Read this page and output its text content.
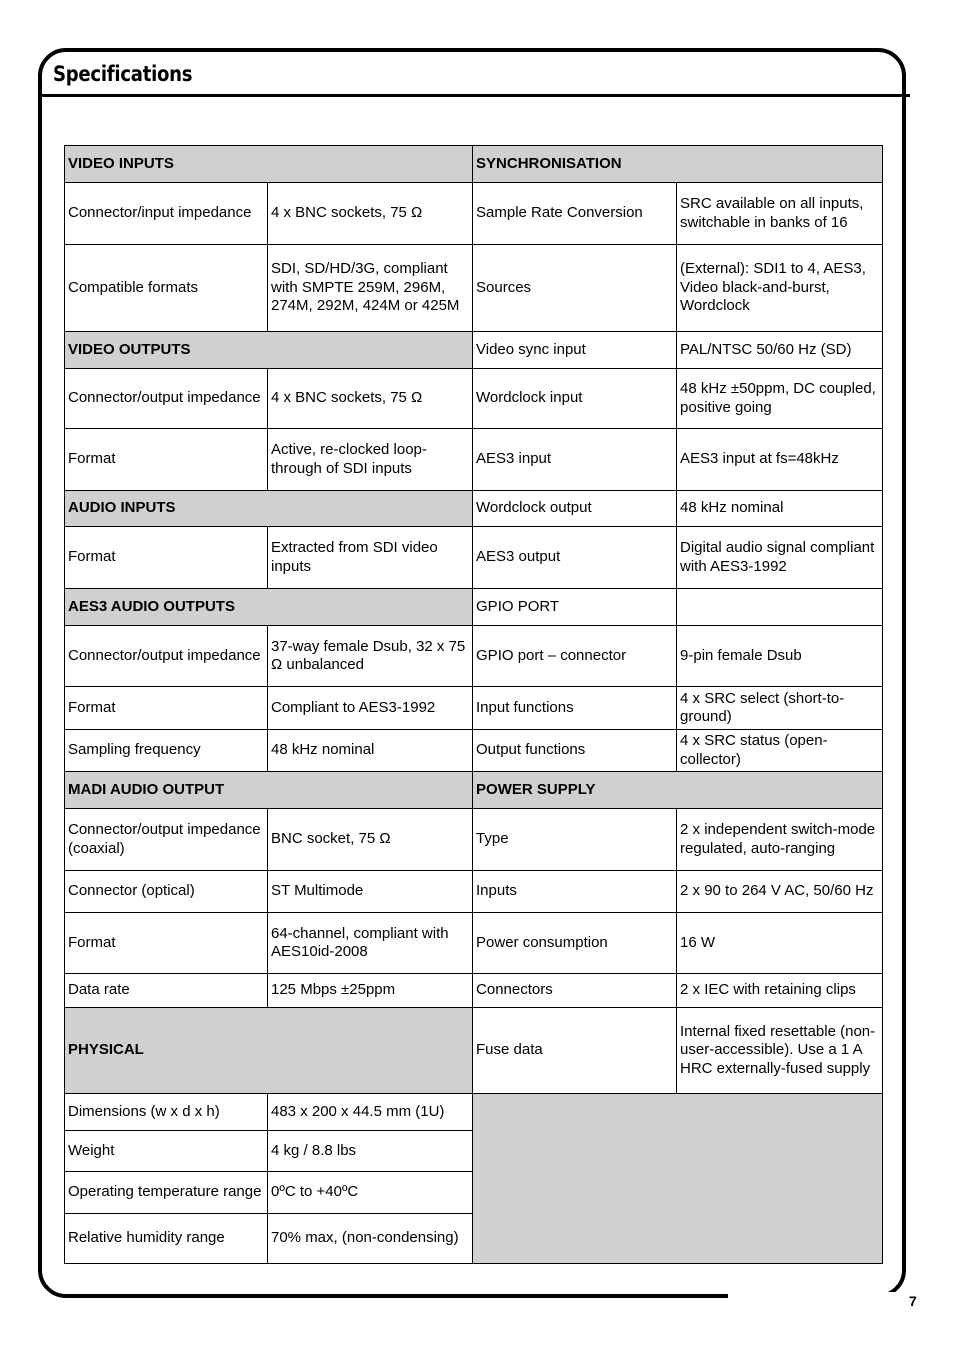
Specifications
7
VIDEO INPUTS		SYNCHRONISATION	
Connector/input impedance	4 x BNC sockets, 75 Ω	Sample Rate Conversion	SRC available on all inputs, switchable in banks of 16
Compatible formats	SDI, SD/HD/3G, compliant with SMPTE 259M, 296M, 274M, 292M, 424M or 425M	Sources	(External): SDI1 to 4, AES3, Video black-and-burst, Wordclock
VIDEO OUTPUTS		Video sync input	PAL/NTSC 50/60 Hz (SD)
Connector/output impedance	4 x BNC sockets, 75 Ω	Wordclock input	48 kHz ±50ppm, DC coupled, positive going
Format	Active, re-clocked loop-through of SDI inputs	AES3 input	AES3 input at fs=48kHz
AUDIO INPUTS		Wordclock output	48 kHz nominal
Format	Extracted from SDI video inputs	AES3 output	Digital audio signal compliant with AES3-1992
AES3 AUDIO OUTPUTS		GPIO PORT	
Connector/output impedance	37-way female Dsub, 32 x 75 Ω unbalanced	GPIO port – connector	9-pin female Dsub
Format	Compliant to AES3-1992	Input functions	4 x SRC select (short-to-ground)
Sampling frequency	48 kHz nominal	Output functions	4 x SRC status (open-collector)
MADI AUDIO OUTPUT		POWER SUPPLY	
Connector/output impedance (coaxial)	BNC socket, 75 Ω	Type	2 x independent switch-mode regulated, auto-ranging
Connector (optical)	ST Multimode	Inputs	2 x 90 to 264 V AC, 50/60 Hz
Format	64-channel, compliant with AES10id-2008	Power consumption	16 W
Data rate	125 Mbps ±25ppm	Connectors	2 x IEC with retaining clips
PHYSICAL		Fuse data	Internal fixed resettable (non-user-accessible). Use a 1 A HRC externally-fused supply
Dimensions (w x d x h)	483 x 200 x 44.5 mm (1U)		
Weight	4 kg / 8.8 lbs		
Operating temperature range	0ºC to +40ºC		
Relative humidity range	70% max, (non-condensing)		
